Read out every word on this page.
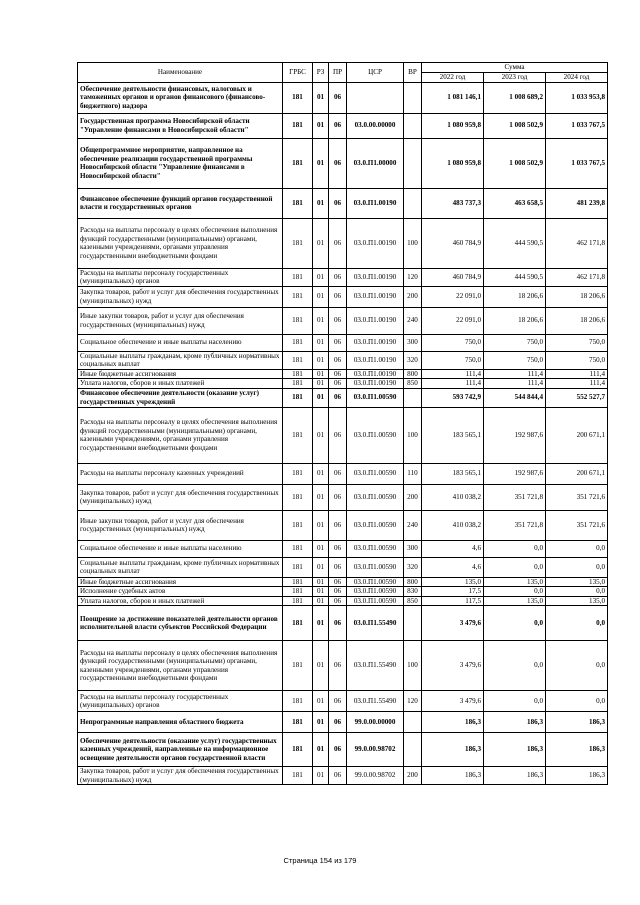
Наименование	ГРБС	РЗ	ПР	ЦСР	ВР	Сумма		
						2022 год	2023 год	2024 год
Обеспечение деятельности финансовых, налоговых и таможенных органов и органов финансового (финансово-бюджетного) надзора	181	01	06			1 081 146,1	1 008 689,2	1 033 953,8
Государственная программа Новосибирской области "Управление финансами в Новосибирской области"	181	01	06	03.0.00.00000		1 080 959,8	1 008 502,9	1 033 767,5
Общепрограммное мероприятие, направленное на обеспечение реализации государственной программы Новосибирской области "Управление финансами в Новосибирской области"	181	01	06	03.0.П1.00000		1 080 959,8	1 008 502,9	1 033 767,5
Финансовое обеспечение функций органов государственной власти и государственных органов	181	01	06	03.0.П1.00190		483 737,3	463 658,5	481 239,8
Расходы на выплаты персоналу в целях обеспечения выполнения функций государственными (муниципальными) органами, казенными учреждениями, органами управления государственными внебюджетными фондами	181	01	06	03.0.П1.00190	100	460 784,9	444 590,5	462 171,8
Расходы на выплаты персоналу государственных (муниципальных) органов	181	01	06	03.0.П1.00190	120	460 784,9	444 590,5	462 171,8
Закупка товаров, работ и услуг для обеспечения государственных (муниципальных) нужд	181	01	06	03.0.П1.00190	200	22 091,0	18 206,6	18 206,6
Иные закупки товаров, работ и услуг для обеспечения государственных (муниципальных) нужд	181	01	06	03.0.П1.00190	240	22 091,0	18 206,6	18 206,6
Социальное обеспечение и иные выплаты населению	181	01	06	03.0.П1.00190	300	750,0	750,0	750,0
Социальные выплаты гражданам, кроме публичных нормативных социальных выплат	181	01	06	03.0.П1.00190	320	750,0	750,0	750,0
Иные бюджетные ассигнования	181	01	06	03.0.П1.00190	800	111,4	111,4	111,4
Уплата налогов, сборов и иных платежей	181	01	06	03.0.П1.00190	850	111,4	111,4	111,4
Финансовое обеспечение деятельности (оказание услуг) государственных учреждений	181	01	06	03.0.П1.00590		593 742,9	544 844,4	552 527,7
Расходы на выплаты персоналу в целях обеспечения выполнения функций государственными (муниципальными) органами, казенными учреждениями, органами управления государственными внебюджетными фондами	181	01	06	03.0.П1.00590	100	183 565,1	192 987,6	200 671,1
Расходы на выплаты персоналу казенных учреждений	181	01	06	03.0.П1.00590	110	183 565,1	192 987,6	200 671,1
Закупка товаров, работ и услуг для обеспечения государственных (муниципальных) нужд	181	01	06	03.0.П1.00590	200	410 038,2	351 721,8	351 721,6
Иные закупки товаров, работ и услуг для обеспечения государственных (муниципальных) нужд	181	01	06	03.0.П1.00590	240	410 038,2	351 721,8	351 721,6
Социальное обеспечение и иные выплаты населению	181	01	06	03.0.П1.00590	300	4,6	0,0	0,0
Социальные выплаты гражданам, кроме публичных нормативных социальных выплат	181	01	06	03.0.П1.00590	320	4,6	0,0	0,0
Иные бюджетные ассигнования	181	01	06	03.0.П1.00590	800	135,0	135,0	135,0
Исполнение судебных актов	181	01	06	03.0.П1.00590	830	17,5	0,0	0,0
Уплата налогов, сборов и иных платежей	181	01	06	03.0.П1.00590	850	117,5	135,0	135,0
Поощрение за достижение показателей деятельности органов исполнительной власти субъектов Российской Федерации	181	01	06	03.0.П1.55490		3 479,6	0,0	0,0
Расходы на выплаты персоналу в целях обеспечения выполнения функций государственными (муниципальными) органами, казенными учреждениями, органами управления государственными внебюджетными фондами	181	01	06	03.0.П1.55490	100	3 479,6	0,0	0,0
Расходы на выплаты персоналу государственных (муниципальных) органов	181	01	06	03.0.П1.55490	120	3 479,6	0,0	0,0
Непрограммные направления областного бюджета	181	01	06	99.0.00.00000		186,3	186,3	186,3
Обеспечение деятельности (оказание услуг) государственных казенных учреждений, направленные на информационное освещение деятельности органов государственной власти	181	01	06	99.0.00.98702		186,3	186,3	186,3
Закупка товаров, работ и услуг для обеспечения государственных (муниципальных) нужд	181	01	06	99.0.00.98702	200	186,3	186,3	186,3
Страница 154 из 179
